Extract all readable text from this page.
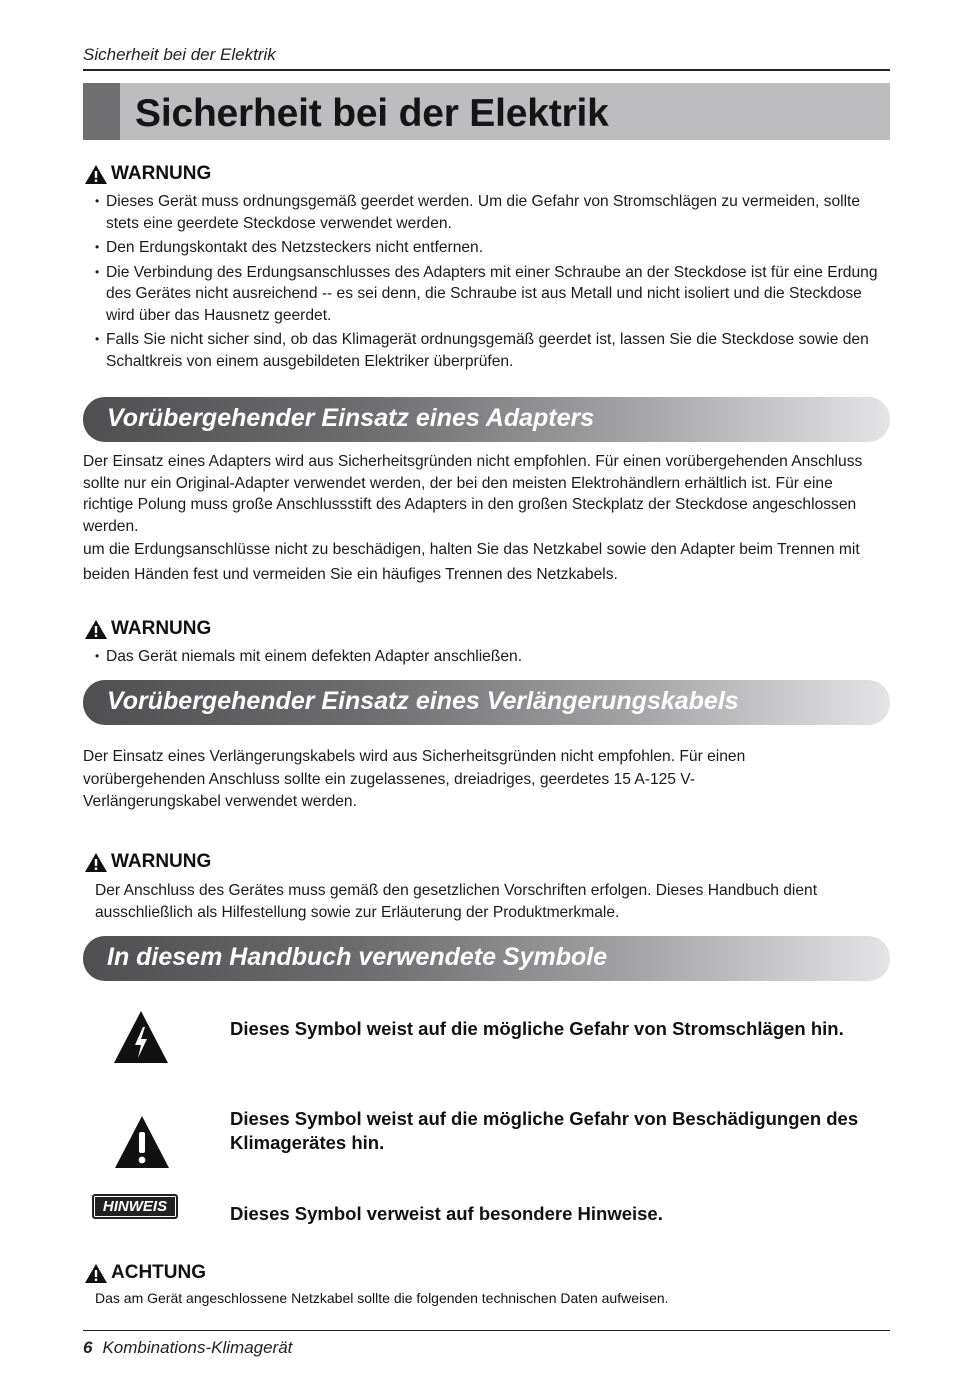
Sicherheit bei der Elektrik
Sicherheit bei der Elektrik
WARNUNG
• Dieses Gerät muss ordnungsgemäß geerdet werden. Um die Gefahr von Stromschlägen zu vermeiden, sollte stets eine geerdete Steckdose verwendet werden.
• Den Erdungskontakt des Netzsteckers nicht entfernen.
• Die Verbindung des Erdungsanschlusses des Adapters mit einer Schraube an der Steckdose ist für eine Erdung des Gerätes nicht ausreichend -- es sei denn, die Schraube ist aus Metall und nicht isoliert und die Steckdose wird über das Hausnetz geerdet.
• Falls Sie nicht sicher sind, ob das Klimagerät ordnungsgemäß geerdet ist, lassen Sie die Steckdose sowie den Schaltkreis von einem ausgebildeten Elektriker überprüfen.
Vorübergehender Einsatz eines Adapters
Der Einsatz eines Adapters wird aus Sicherheitsgründen nicht empfohlen. Für einen vorübergehenden Anschluss sollte nur ein Original-Adapter verwendet werden, der bei den meisten Elektrohändlern erhältlich ist. Für eine richtige Polung muss große Anschlussstift des Adapters in den großen Steckplatz der Steckdose angeschlossen werden.
um die Erdungsanschlüsse nicht zu beschädigen, halten Sie das Netzkabel sowie den Adapter beim Trennen mit beiden Händen fest und vermeiden Sie ein häufiges Trennen des Netzkabels.
WARNUNG
• Das Gerät niemals mit einem defekten Adapter anschließen.
Vorübergehender Einsatz eines Verlängerungskabels
Der Einsatz eines Verlängerungskabels wird aus Sicherheitsgründen nicht empfohlen. Für einen vorübergehenden Anschluss sollte ein zugelassenes, dreiadriges, geerdetes 15 A-125 V-Verlängerungskabel verwendet werden.
WARNUNG
Der Anschluss des Gerätes muss gemäß den gesetzlichen Vorschriften erfolgen. Dieses Handbuch dient ausschließlich als Hilfestellung sowie zur Erläuterung der Produktmerkmale.
In diesem Handbuch verwendete Symbole
Dieses Symbol weist auf die mögliche Gefahr von Stromschlägen hin.
Dieses Symbol weist auf die mögliche Gefahr von Beschädigungen des Klimagerätes hin.
HINWEIS	Dieses Symbol verweist auf besondere Hinweise.
ACHTUNG
Das am Gerät angeschlossene Netzkabel sollte die folgenden technischen Daten aufweisen.
6 Kombinations-Klimagerät
